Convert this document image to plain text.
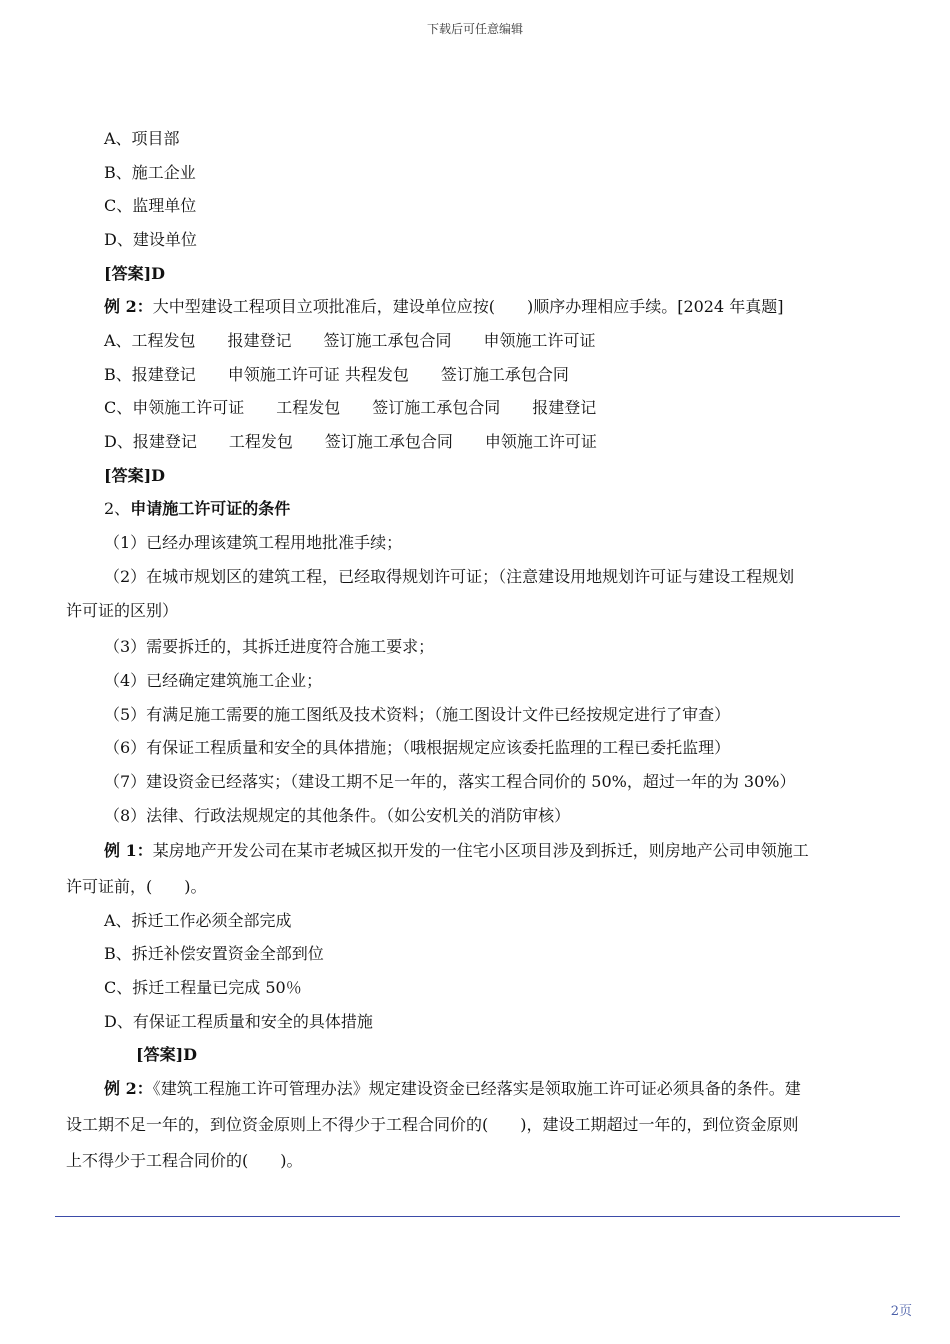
下载后可任意编辑
A、项目部
B、施工企业
C、监理单位
D、建设单位
[答案]D
例 2：大中型建设工程项目立项批准后，建设单位应按(　　)顺序办理相应手续。[2024 年真题]
A、工程发包　　报建登记　　签订施工承包合同　　申领施工许可证
B、报建登记　　申领施工许可证 共程发包　　签订施工承包合同
C、申领施工许可证　　工程发包　　签订施工承包合同　　报建登记
D、报建登记　　工程发包　　签订施工承包合同　　申领施工许可证
[答案]D
2、申请施工许可证的条件
（1）已经办理该建筑工程用地批准手续；
（2）在城市规划区的建筑工程，已经取得规划许可证；（注意建设用地规划许可证与建设工程规划
许可证的区别）
（3）需要拆迁的，其拆迁进度符合施工要求；
（4）已经确定建筑施工企业；
（5）有满足施工需要的施工图纸及技术资料；（施工图设计文件已经按规定进行了审查）
（6）有保证工程质量和安全的具体措施；（哦根据规定应该委托监理的工程已委托监理）
（7）建设资金已经落实；（建设工期不足一年的，落实工程合同价的 50%，超过一年的为 30%）
（8）法律、行政法规规定的其他条件。（如公安机关的消防审核）
例 1：某房地产开发公司在某市老城区拟开发的一住宅小区项目涉及到拆迁，则房地产公司申领施工
许可证前，(　　)。
A、拆迁工作必须全部完成
B、拆迁补偿安置资金全部到位
C、拆迁工程量已完成 50％
D、有保证工程质量和安全的具体措施
[答案]D
例 2：《建筑工程施工许可管理办法》规定建设资金已经落实是领取施工许可证必须具备的条件。建
设工期不足一年的，到位资金原则上不得少于工程合同价的(　　)，建设工期超过一年的，到位资金原则
上不得少于工程合同价的(　　)。
2页
